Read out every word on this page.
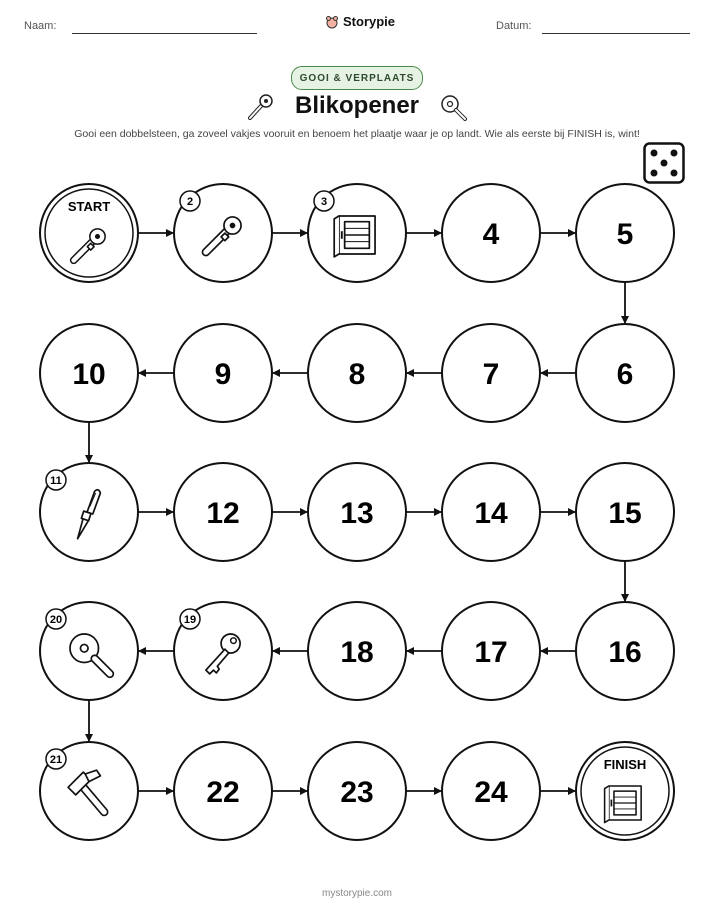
Naam:	Storypie	Datum:
GOOI & VERPLAATS
Blikopener
Gooi een dobbelsteen, ga zoveel vakjes vooruit en benoem het plaatje waar je op landt. Wie als eerste bij FINISH is, wint!
START	2	3
4	5
6
7
8
9
10
11
12	13	14	15
16
17
18
19
20
21
22	23	24
FINISH
mystorypie.com
